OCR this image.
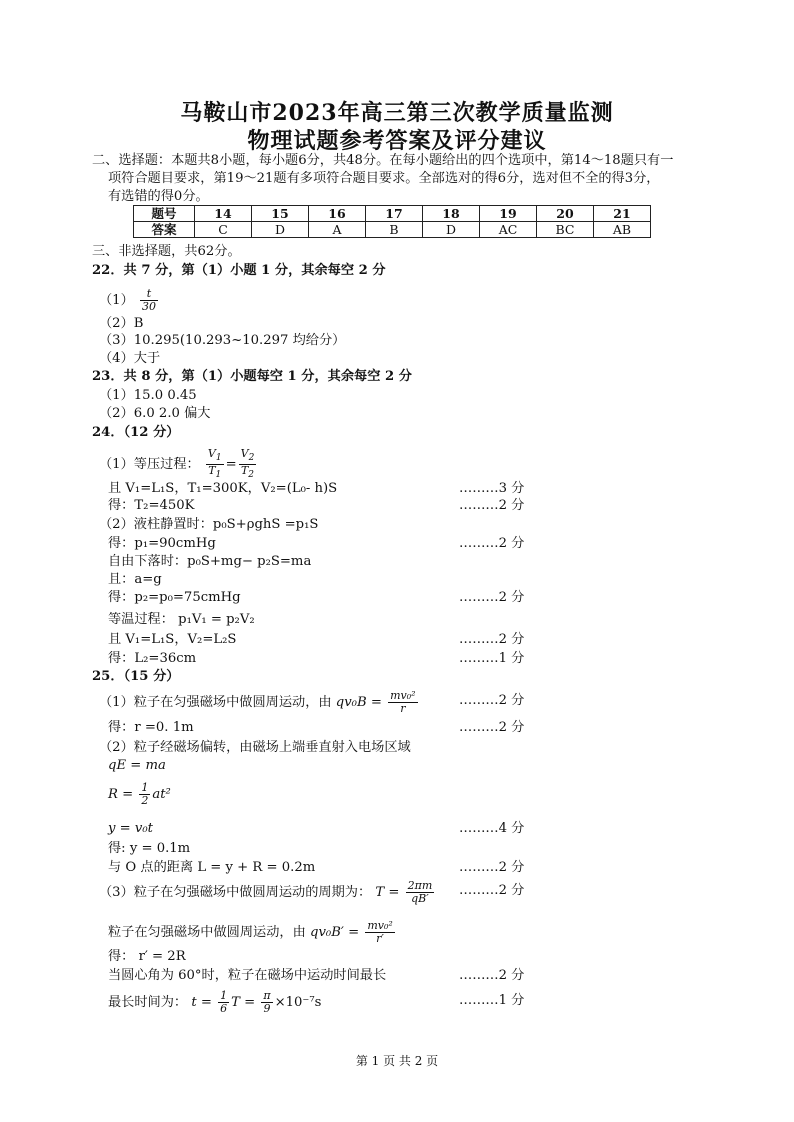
马鞍山市2023年高三第三次教学质量监测
物理试题参考答案及评分建议
二、选择题：本题共8小题，每小题6分，共48分。在每小题给出的四个选项中，第14～18题只有一
项符合题目要求，第19～21题有多项符合题目要求。全部选对的得6分，选对但不全的得3分，
有选错的得0分。
题号	14	15	16	17	18	19	20	21
答案	C	D	A	B	D	AC	BC	AB
三、非选择题，共62分。
22．共 7 分，第（1）小题 1 分，其余每空 2 分
$(1) \frac{t}{30}$
（2）B
（3）10.295(10.293~10.297 均给分）
（4）大于
23．共 8 分，第（1）小题每空 1 分，其余每空 2 分
（1）15.0 0.45
（2）6.0 2.0 偏大
24．（12 分）
（1）等压过程： $\frac{V_1}{T_1} = \frac{V_2}{T_2}$
且 V₁=L₁S，T₁=300K，V₂=(L₀- h)S	………3 分
得：T₂=450K	………2 分
（2）液柱静置时：p₀S+ρghS =p₁S
得：p₁=90cmHg	………2 分
自由下落时：p₀S+mg− p₂S=ma
且：a=g
得：p₂=p₀=75cmHg	………2 分
等温过程： p₁V₁ = p₂V₂
且 V₁=L₁S，V₂=L₂S	………2 分
得：L₂=36cm	………1 分
25．（15 分）
（1）粒子在匀强磁场中做圆周运动，由 $qv_0B = \frac{\text{mv₀²}}{r}$	………2 分
得：r =0. 1m	………2 分
（2）粒子经磁场偏转，由磁场上端垂直射入电场区域
qE = ma
$R = \frac{1}{2} at^2$
y = v₀t	………4 分
得: y = 0.1m
与 O 点的距离 L = y + R = 0.2m	………2 分
（3）粒子在匀强磁场中做圆周运动的周期为： $T = \frac{2\pi m}{qB'}$ ………2 分
粒子在匀强磁场中做圆周运动，由 $qv_0B' = \frac{\text{mv₀²}}{r'}$
得： r′ = 2R
当圆心角为 60°时，粒子在磁场中运动时间最长	………2 分
最长时间为： $t = \frac{1}{6}$ $T = \frac{\pi}{9} \times 10^{-7}s$	………1 分
第 1 页 共 2 页
